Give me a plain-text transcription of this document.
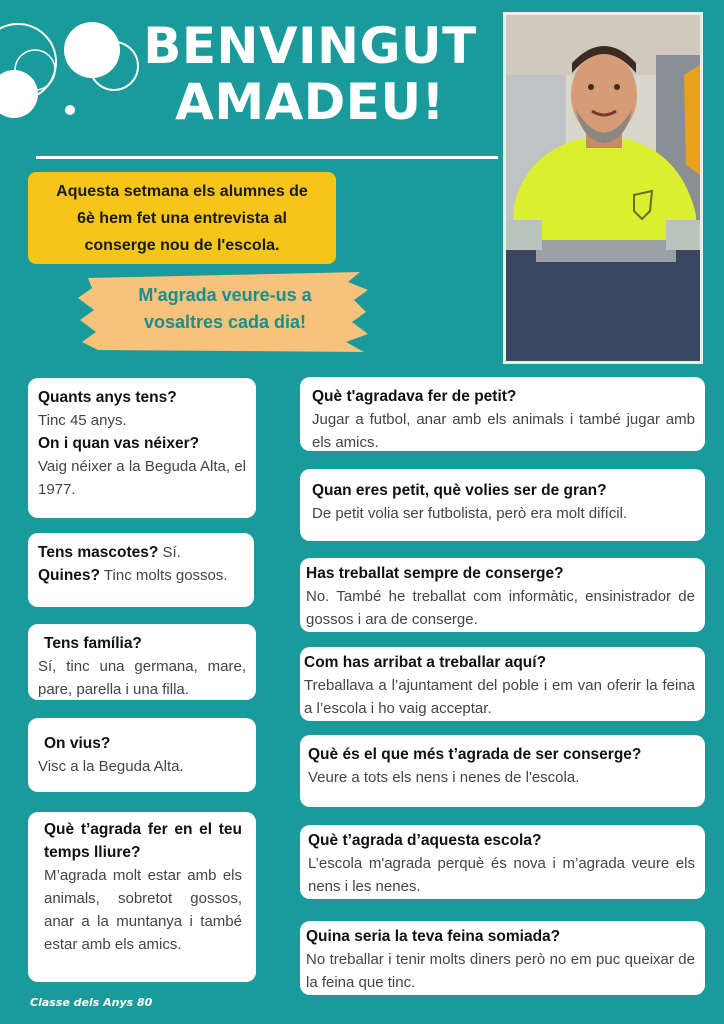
BENVINGUT
AMADEU!
Aquesta setmana els alumnes de
6è hem fet una entrevista al
conserge nou de l'escola.
M'agrada veure-us a
vosaltres cada dia!
Quants anys tens?
Tinc 45 anys.
On i quan vas néixer?
Vaig néixer a la Beguda Alta, el 1977.
Tens mascotes? Sí.
Quines? Tinc molts gossos.
Tens família?
Sí, tinc una germana, mare, pare, parella i una filla.
On vius?
Visc a la Beguda Alta.
Què t’agrada fer en el teu temps lliure?
M’agrada molt estar amb els animals, sobretot gossos, anar a la muntanya i també estar amb els amics.
Què t'agradava fer de petit?
Jugar a futbol, anar amb els animals i també jugar amb els amics.
Quan eres petit, què volies ser de gran?
De petit volia ser futbolista, però era molt difícil.
Has treballat sempre de conserge?
No. També he treballat com informàtic, ensinistrador de gossos i ara de conserge.
Com has arribat a treballar aquí?
Treballava a l’ajuntament del poble i em van oferir la feina a l’escola i ho vaig acceptar.
Què és el que més t’agrada de ser conserge?
Veure a tots els nens i nenes de l'escola.
Què t’agrada d’aquesta escola?
L’escola m'agrada perquè és nova i m’agrada veure els nens i les nenes.
Quina seria la teva feina somiada?
No treballar i tenir molts diners però no em puc queixar de la feina que tinc.
Classe dels Anys 80
